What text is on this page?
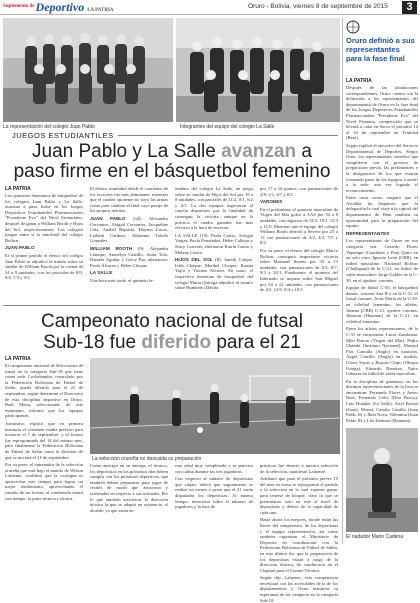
$^{Suplemento de}$Deportivo LA PATRIA
Oruro - Bolivia, viernes 8 de septiembre de 2015	3
La representación del colegio Juan Pablo	Integrantes del equipo del colegio La Salle
JUEGOS ESTUDIANTILES
Juan Pablo y La Salle avanzan a
paso firme en el básquetbol femenino
LA PATRIA

Los quintetos femeninos de básquetbol de los colegios Juan Pablo y La Salle, avanzan a paso firme en los Juegos Deportivos Estudiantiles Plurinacionales "Presidente Evo" del Nivel Secundario, después de ganar a William Booth y Hijos del Sol, respectivamente. Los colegios juegan entre sí la semifinal del colegio Bolívar.

JUAN PABLO

El el primer partido el elenco del colegio Juan Pablo se adjudicó el triunfo sobre su similar de William Booth por la cuenta de 34 a 9 unidades, con los parciales de 8/0, 9/0, 7/3 y 9/2.

El elenco triunfador desde el comienzo de los acciones fue más dominante, mientras que el cuadro oponente no tuvo las armas como para cambiar el final cuyo pasaje de los propios méritos.

JUAN PABLO (34): Alexandra Cervantes, Abigail Cervantes, Jacqueline Cala, Anabel Baptista, Dayana Lucas, Lizbeth Cardero, Alkimme Toledo Gonzales.

WILLIAM BOOTH (9): Alejandra Llanque, Anaselyn Castillo, Anita Tola, Daniela Aguilar y Grecy Paz, alternaron: Paola Álvarez y Helen Choque.

LA SALLE

Una hora más tarde, el quinteto fe-

menino del colegio La Salle, en juego sobre su similar de Hijos del Sol por 19 a 8 unidades, con parciales de 11/2, 0/1, 6/2 y 2/3. La dos equipos ingresaron al cancha dispuestos por la finalidad de conseguir la victoria, aunque en la práctica el cuadro ganador fue más efectivo a la hora de encestar.

LA SALLE (19): Paola Castro, Sologia Vargas, Paola Fernández, Helen Callejas y Stacy Carreras; alternaron Katrin Castro y Melany Castro.

HIJOS DEL SOL (8): Janeth Colque, Ivith Choque, Maribel Choque, Karina Yujra y Yuvana Alvarez. En tanto, el respectivo femenino de básquetbol del colegio María Quiroga adjudicó el triunfo sobre Humberto Dávila

por 17 a 16 puntos, con puntuaciones de 2/8, 3/1, 4/7 y 8/2.

VARONES

En el preliminar, el quinteto masculino de Virgen del Mar goleó a AAS por 52 a 8 unidades, con registros de 12/3, 18/1, 13/3 y 11/0. Mientras que el equipo del colegio William Booth derrotó a Severo por 25 a 13 con puntuaciones de 4/2, 4/2, 7/5 y 8/2.

Por su parte, el elenco del colegio Marco Bolívar consiguió importante victoria sobre Marianel Suarez por 33 a 13 unidades, con puntuaciones de 5/2, 8/7, 9/3 y 10/1. Finalmente, el quinteto del Internado se impuso sobre San Miguel por 34 a 12 unidades, con puntuaciones de 4/2, 12/6, 8/4 y 10/1.

Campeonato nacional de futsal
Sub-18 fue diferido para el 21
La selección orureña no descuida su preparación
LA PATRIA

El campeonato nacional de Selecciones de futsal en la categoría Sub-18 que tiene como sede Cochabamba, controlado por la Federación Boliviana de Fútbol de Salón, queda diferido para el 21 de septiembre, según determinó el Directorio de esta disciplina deportiva en Oruro. Raúl Mena, seleccionado de este estamento, informó que los equipos participantes.

Asimismo, explicó que en primera instancia el certamen estaba previsto para iniciarse el 7 de septiembre, y el fixture fue reprogramado del 14 del mismo mes, para finalmente la Federación Boliviana de Fútbol de Salón tomó la decisión de que se iniciará el 21 de septiembre.

Por su parte, el entrenador de la selección orureña que está bajo el mando de Wilson Lafuente, confirmó que la consigna es aprovechar este tiempo para lograr un mejor rendimiento, aprovechando el cambio de las fechas, el combinado estará con tiempo, la parte técnica y táctica.

Como anticipó en su entrega, el técnico, los deportistas en los próximos días deben cumplir con los próximos deportivos, que también deben prepararse para jugar de rivales de modo que asistieron y orientados en respecto a sus actitudes. Por lo que también asistieron, la dirección técnica la que se adaptó en asistencia, el alcalde, ya que están en

esta edad muy completado y se practica con calma durante las tres jugadoras.

Con respecto al número de deportistas que viajan, indicó que seguramente se realizó un torneo a pesar que el 21 serán disputadas los deportistas. Al mismo tiempo, mencionó sobre el número de jugadores y la lista de

prácticas fue deserto a nuestra selección de la selección, manifestó Lafuente.

Adelantó que para el próximo jueves 15 del mes en curso se reprogramó el partido a la selección en la cual esperan ganar, para tenerse de bloque, claro lo que se presentaron solo en este al nivel de deportistas y dentro de la capacidad de cada uno.

Hasta ahora los mejores, donde están las llaves del campeonato, de los deportistas y el equipo representación, así como también organizan el Ministerio de Deportes en coordinación con la Federación Boliviana de Fútbol de Salón, en este último fin, que la preparación de los deportistas estará a cargo de la dirección técnica, de conducción en el Chaparé para el Comité Técnico.

Según dijo Lafuente, esta competencia necesitará con las actividades de la de los departamentos y Oruro mantiene su esperanza de ser campeón en la categoría Sub-18.

Oruro definió a sus representantes para la fase final
LA PATRIA

Después de las tabulaciones correspondientes, Oruro cuenta con la definición a los representantes del departamento de Oruro en la fase final de los Juegos Deportivos Estudiantiles Plurinacionales "Presidente Evo" del Nivel Primaria, competición que se llevará a cabo en Sucre el próximo 12 al 16 de septiembre en Trinidad (Beni).

Según explicó el ejecutivo del Servicio Departamental de Deportes, Sergio Ortiz, los representantes orureños que cumplieron con el proceso de preparación previo, las preliminares y la designación de los que estarán formando parte de los equipos a asistir a la sede, una vez logrado el reconocimiento.

Entre otras cosas, aseguró que el Alcaldía ha dispuesto que la delegación la cual viaje a la capital del departamento de Beni también su oportunidad para la preparación del equipo.

REPRESENTANTES

Los representantes de Oruro en esa categoría son: Gerardo Flores Yupanqui (Cuadrado y Pan) Quito en un solo vaso, Ignacio León (CBB), en fútbol masculino: Nacional Bolivar (Challapata) de la C-21, en fútbol de salón masculino: Jorge Galdós de la C-30, en el ajedrez: varones.

Equipo de fútbol C-30, el básquetbol damas, varones Ana B y en la C-31, el futsal varones. Jesús María de la U-29, en vóleibol femenino, los atletas: Jimena (CBB) C-21, ajedrez varones; Jhonson (Huanuni) de la C-21, en vóleibol femenino.

Entre los atletas representantes, de la C-31 se encuentran: Lucía Zambrana, Milo Batron (Virgen del Mar), Pedro Chambi (Instituto Nacional), Marisol Flor Cantalla (Anglo) en natación, Ángel Castillo (Anglo) en triatlón, Ulises Sayas y Brayan Chipo (Obispo Ortega), Eduardo Ramírez, Naira Cabezas en fútbol de salón masculino.

En la disciplina de gimnasia, en las distintas representaciones de la lista se encuentran: Fernando Flores y Javier Ruiz, Fernando Celis (Don Bosco), Luis Huiaber (La Salle), Ariel Bernal (Juan), Mariel, Camila Castillo (Juan Pablo II) y Jhon Nova, Valentina (Juan Pablo II) y Lila Johnson (Huanuni).

El nadador Mario Cadena
